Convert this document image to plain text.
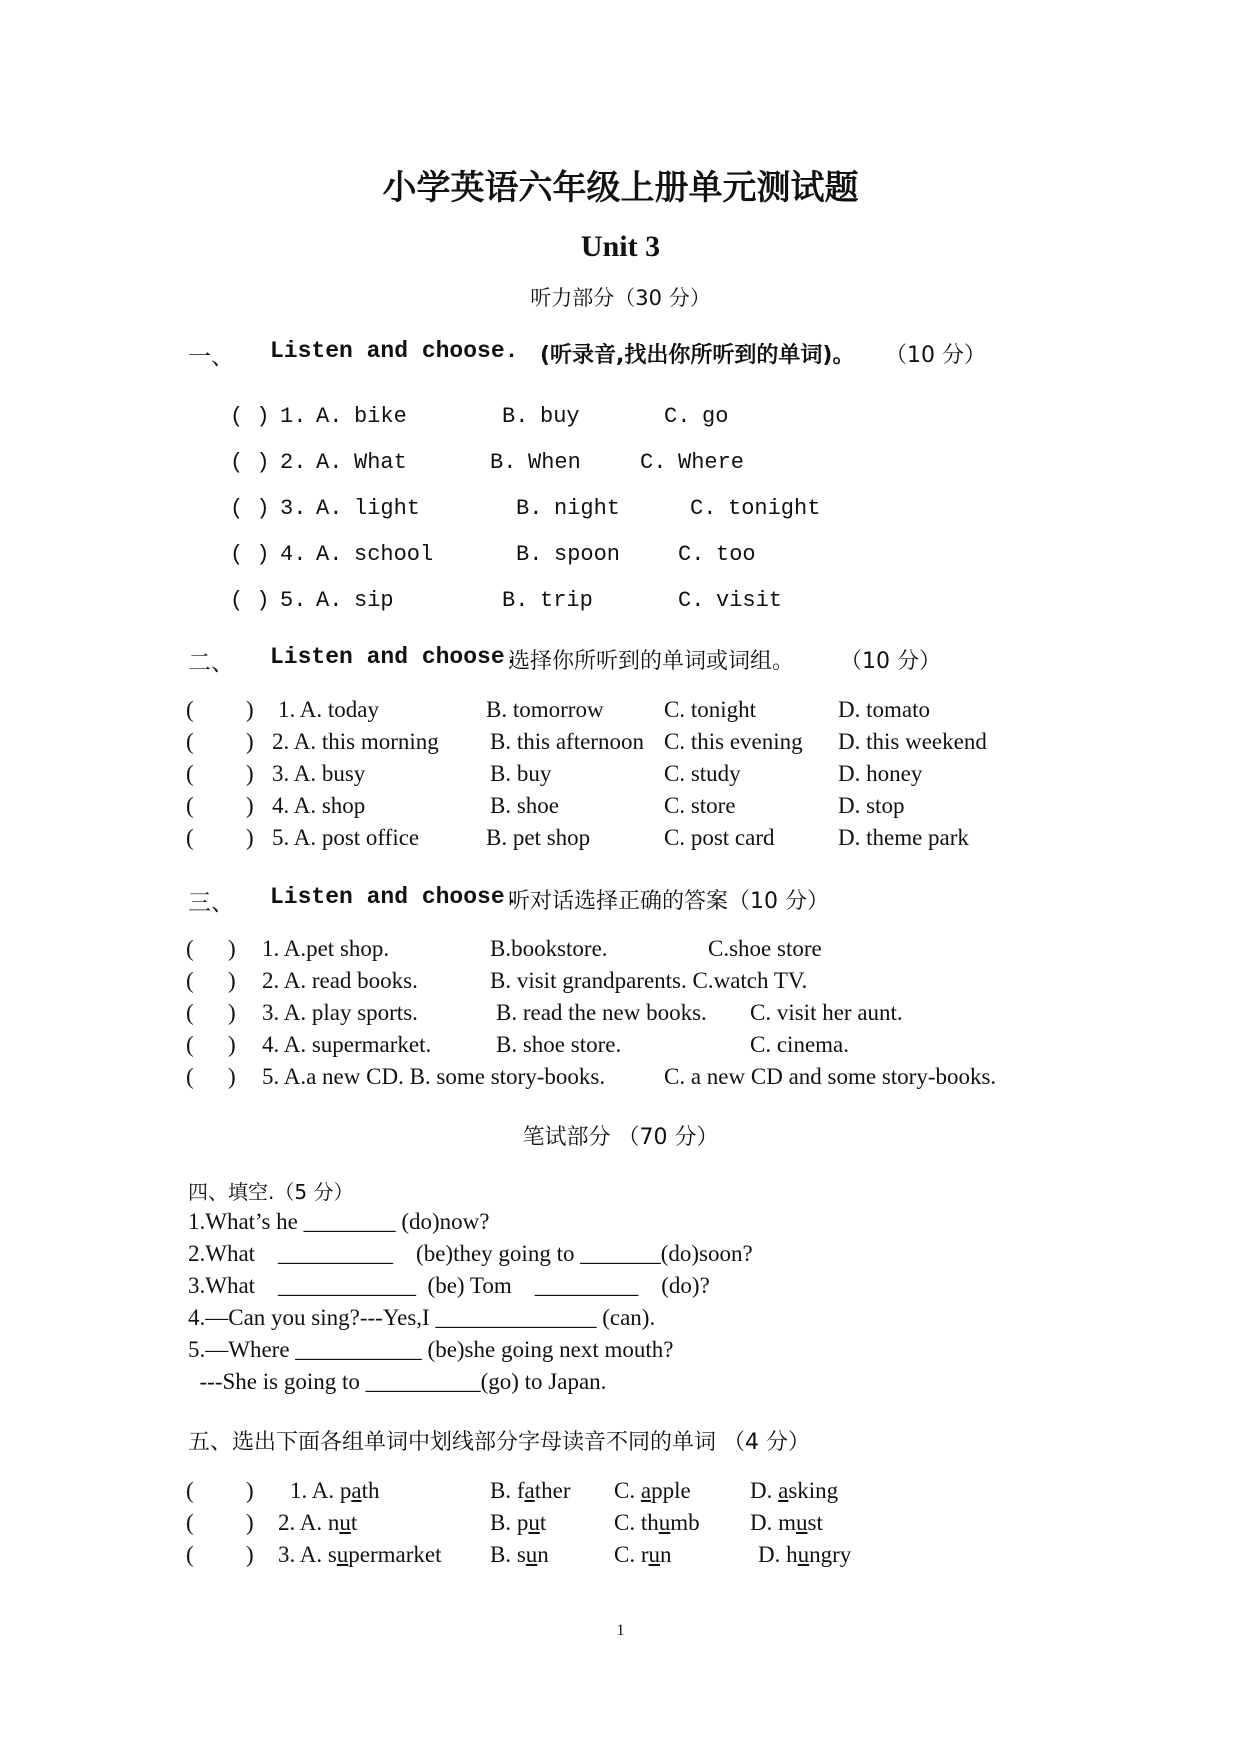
小学英语六年级上册单元测试题
Unit 3
听力部分（30 分）
一、 Listen and choose. (听录音,找出你所听到的单词)。 （10 分）
( ) 1. A. bike	B. buy	C. go
( ) 2. A. What	B. When	C. Where
( ) 3. A. light	B. night	C. tonight
( ) 4. A. school	B. spoon	C. too
( ) 5. A. sip	B. trip	C. visit
二、 Listen and choose.
选择你所听到的单词或词组。 （10 分）
( ) 1. A. today	B. tomorrow	C. tonight	D. tomato
( ) 2. A. this morning B. this afternoon C. this evening D. this weekend
( ) 3. A. busy	B. buy	C. study	D. honey
( ) 4. A. shop	B. shoe	C. store	D. stop
( ) 5. A. post office	B. pet shop	C. post card	D. theme park
三、 Listen and choose.
听对话选择正确的答案（10 分）
( ) 1. A.pet shop.	B.bookstore.	C.shoe store
( ) 2. A. read books.	B. visit grandparents. C.watch TV.
( ) 3. A. play sports.	B. read the new books. C. visit her aunt.
( ) 4. A. supermarket.	B. shoe store.	C. cinema.
( ) 5. A.a new CD. B. some story-books.	C. a new CD and some story-books.
笔试部分 （70 分）
四、填空.（5 分）
1.What’s he ________ (do)now?
2.What    __________    (be)they going to _______(do)soon?
3.What    ____________  (be) Tom    _________    (do)?
4.—Can you sing?---Yes,I ______________ (can).
5.—Where ___________ (be)she going next mouth?
---She is going to __________(go) to Japan.
五、选出下面各组单词中划线部分字母读音不同的单词 （4 分）
( ) 1. A. path	B. father C. apple	D. asking
( ) 2. A. nut	B. put	C. thumb D. must
( ) 3. A. supermarket B. sun	C. run	D. hungry
1
